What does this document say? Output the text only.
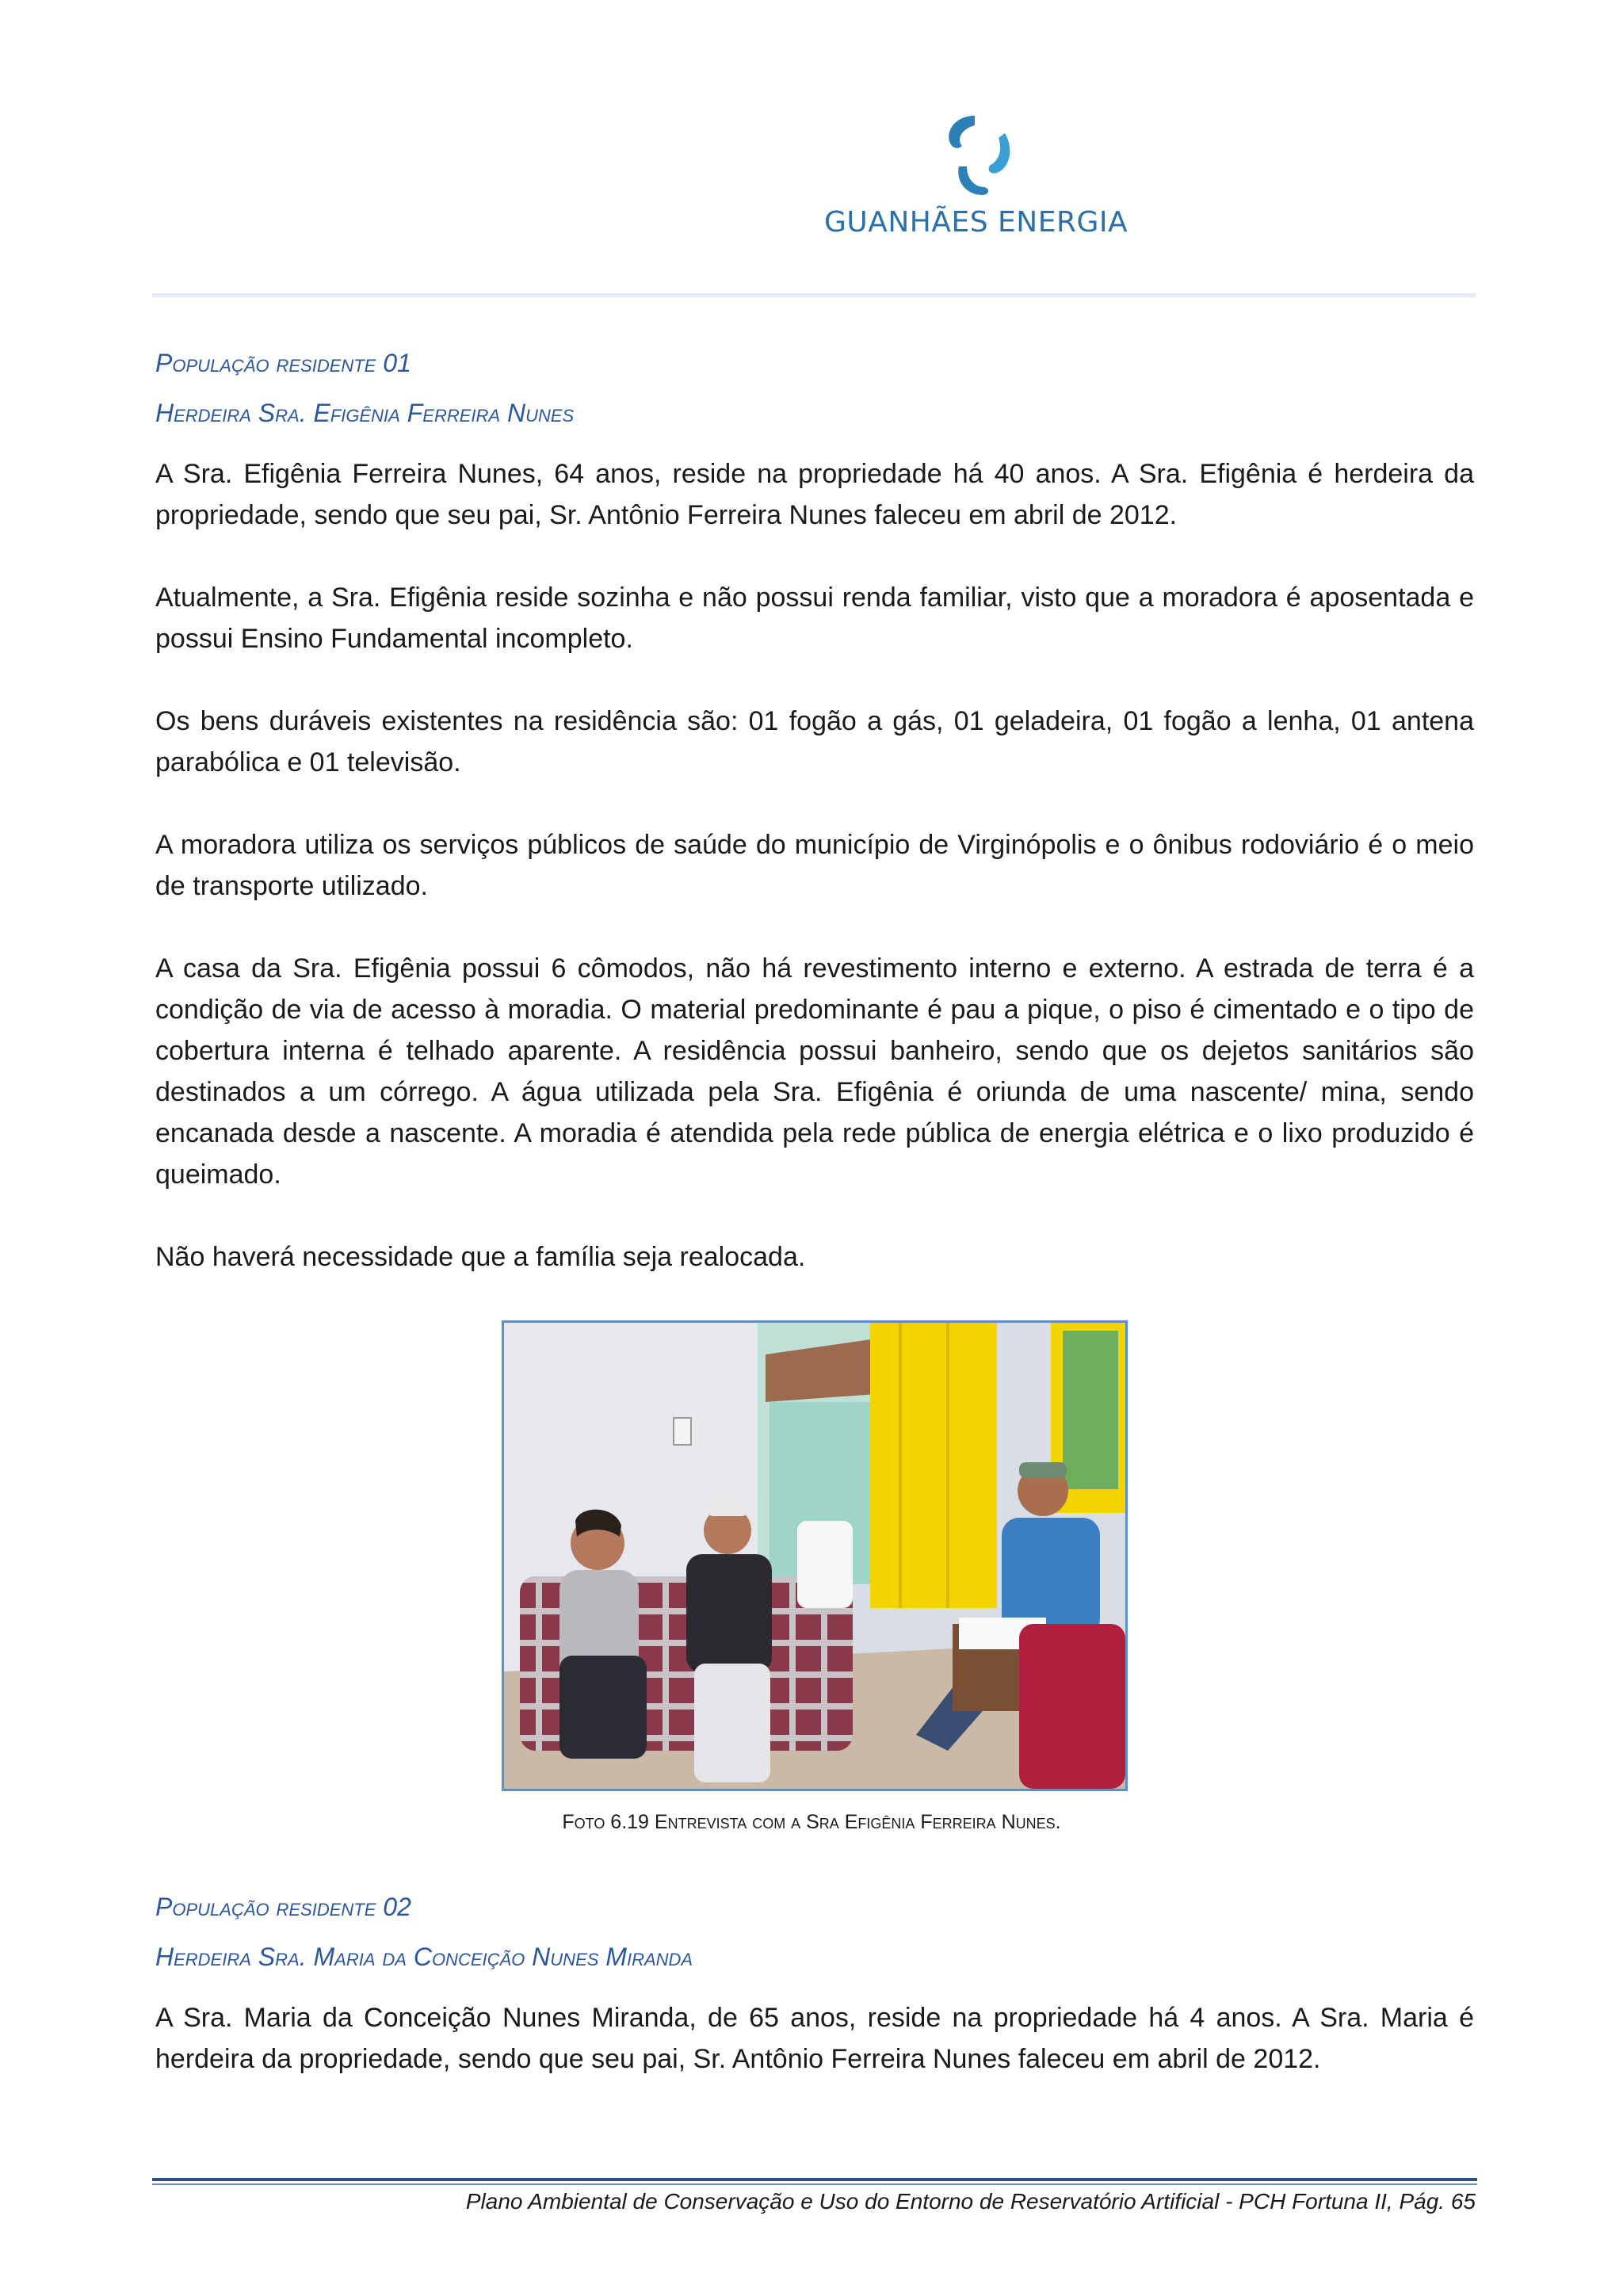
GUANHÃES ENERGIA
População residente 01
Herdeira Sra. Efigênia Ferreira Nunes

A Sra. Efigênia Ferreira Nunes, 64 anos, reside na propriedade há 40 anos. A Sra. Efigênia é herdeira da propriedade, sendo que seu pai, Sr. Antônio Ferreira Nunes faleceu em abril de 2012.

Atualmente, a Sra. Efigênia reside sozinha e não possui renda familiar, visto que a moradora é aposentada e possui Ensino Fundamental incompleto.

Os bens duráveis existentes na residência são: 01 fogão a gás, 01 geladeira, 01 fogão a lenha, 01 antena parabólica e 01 televisão.

A moradora utiliza os serviços públicos de saúde do município de Virginópolis e o ônibus rodoviário é o meio de transporte utilizado.

A casa da Sra. Efigênia possui 6 cômodos, não há revestimento interno e externo. A estrada de terra é a condição de via de acesso à moradia. O material predominante é pau a pique, o piso é cimentado e o tipo de cobertura interna é telhado aparente. A residência possui banheiro, sendo que os dejetos sanitários são destinados a um córrego. A água utilizada pela Sra. Efigênia é oriunda de uma nascente/ mina, sendo encanada desde a nascente. A moradia é atendida pela rede pública de energia elétrica e o lixo produzido é queimado.

Não haverá necessidade que a família seja realocada.

Foto 6.19 Entrevista com a Sra Efigênia Ferreira Nunes.
População residente 02
Herdeira Sra. Maria da Conceição Nunes Miranda

A Sra. Maria da Conceição Nunes Miranda, de 65 anos, reside na propriedade há 4 anos. A Sra. Maria é herdeira da propriedade, sendo que seu pai, Sr. Antônio Ferreira Nunes faleceu em abril de 2012.

Plano Ambiental de Conservação e Uso do Entorno de Reservatório Artificial - PCH Fortuna II, Pág. 65
